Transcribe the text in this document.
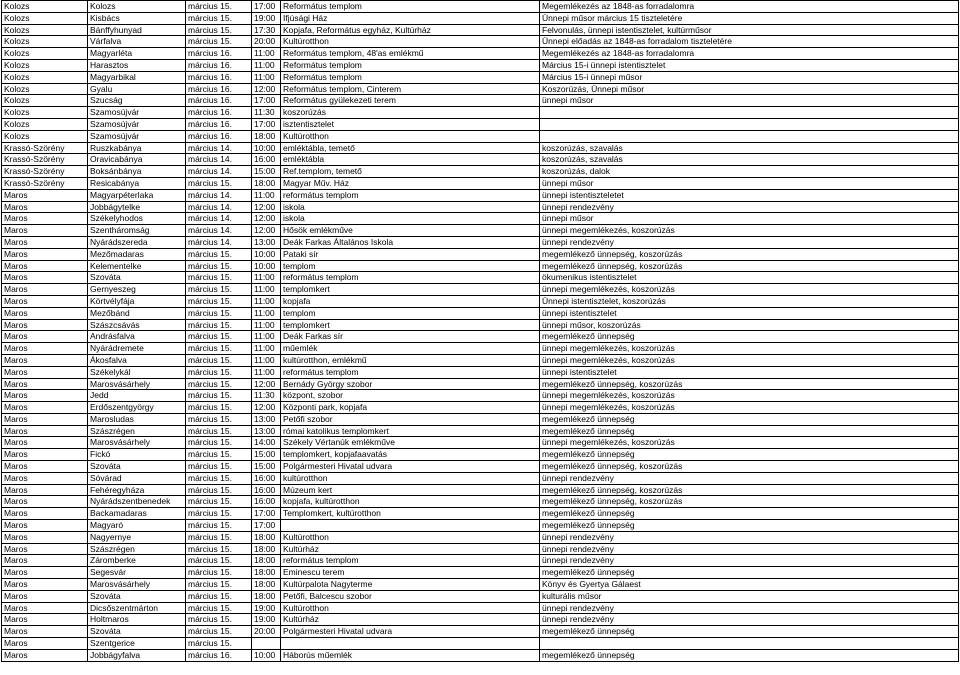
Kolozs	Kolozs	március 15.	17:00	Református templom	Megemlékezés az 1848-as forradalomra
Kolozs	Kisbács	március 15.	19:00	Ifjúsági Ház	Ünnepi műsor március 15 tiszteletére
Kolozs	Bánffyhunyad	március 15.	17:30	Kopjafa, Református egyház, Kultúrház	Felvonulás, ünnepi istentisztelet, kultúrműsor
Kolozs	Várfalva	március 15.	20:00	Kultúrotthon	Ünnepi előadás az 1848-as forradalom tiszteletére
Kolozs	Magyarléta	március 16.	11:00	Református templom, 48'as emlékmű	Megemlékezés az 1848-as forradalomra
Kolozs	Harasztos	március 16.	11:00	Református templom	Március 15-i ünnepi istentisztelet
Kolozs	Magyarbikal	március 16.	11:00	Református templom	Március 15-i ünnepi műsor
Kolozs	Gyalu	március 16.	12:00	Református templom, Cinterem	Koszorúzás, Ünnepi műsor
Kolozs	Szucság	március 16.	17:00	Református gyülekezeti terem	ünnepi műsor
Kolozs	Szamosújvár	március 16.	11:30	koszorúzás	
Kolozs	Szamosújvár	március 16.	17:00	isztentisztelet	
Kolozs	Szamosújvár	március 16.	18:00	Kultúrotthon	
Krassó-Szörény	Ruszkabánya	március 14.	10:00	emléktábla, temető	koszorúzás, szavalás
Krassó-Szörény	Oravicabánya	március 14.	16:00	emléktábla	koszorúzás, szavalás
Krassó-Szörény	Boksánbánya	március 14.	15:00	Ref.templom, temető	koszorúzás, dalok
Krassó-Szörény	Resicabánya	március 15.	18:00	Magyar Műv. Ház	ünnepi műsor
Maros	Magyarpéterlaka	március 14.	11:00	református templom	ünnepi istentiszteletet
Maros	Jobbágytelke	március 14.	12:00	iskola	ünnepi rendezvény
Maros	Székelyhodos	március 14.	12:00	iskola	ünnepi műsor
Maros	Szentháromság	március 14.	12:00	Hősök emlékműve	ünnepi megemlékezés, koszorúzás
Maros	Nyárádszereda	március 14.	13:00	Deák Farkas Általános Iskola	ünnepi rendezvény
Maros	Mezőmadaras	március 15.	10:00	Pataki sír	megemlékező ünnepség, koszorúzás
Maros	Kelementelke	március 15.	10:00	templom	megemlékező ünnepség, koszorúzás
Maros	Szováta	március 15.	11:00	református templom	ökumenikus istentisztelet
Maros	Gernyeszeg	március 15.	11:00	templomkert	ünnepi megemlékezés, koszorúzás
Maros	Körtvélyfája	március 15.	11:00	kopjafa	Ünnepi istentisztelet, koszorúzás
Maros	Mezőbánd	március 15.	11:00	templom	ünnepi istentisztelet
Maros	Szászcsávás	március 15.	11:00	templomkert	ünnepi műsor, koszorúzás
Maros	Andrásfalva	március 15.	11:00	Deák Farkas sír	megemlékező ünnepség
Maros	Nyárádremete	március 15.	11:00	műemlék	ünnepi megemlékezés, koszorúzás
Maros	Ákosfalva	március 15.	11:00	kultúrotthon, emlékmű	ünnepi megemlékezés, koszorúzás
Maros	Székelykál	március 15.	11:00	református templom	ünnepi istentisztelet
Maros	Marosvásárhely	március 15.	12:00	Bernády György szobor	megemlékező ünnepség, koszorúzás
Maros	Jedd	március 15.	11:30	központ, szobor	ünnepi megemlékezés, koszorúzás
Maros	Erdőszentgyörgy	március 15.	12:00	Központi park, kopjafa	ünnepi megemlékezés, koszorúzás
Maros	Marosludas	március 15.	13:00	Petőfi szobor	megemlékező ünnepség
Maros	Szászrégen	március 15.	13:00	római katolikus templomkert	megemlékező ünnepség
Maros	Marosvásárhely	március 15.	14:00	Székely Vértanúk emlékműve	ünnepi megemlékezés, koszorúzás
Maros	Fickó	március 15.	15:00	templomkert, kopjafaavatás	megemlékező ünnepség
Maros	Szováta	március 15.	15:00	Polgármesteri Hivatal udvara	megemlékező ünnepség, koszorúzás
Maros	Sóvárad	március 15.	16:00	kultúrotthon	ünnepi rendezvény
Maros	Fehéregyháza	március 15.	16:00	Múzeum kert	megemlékező ünnepség, koszorúzás
Maros	Nyárádszentbenedek	március 15.	16:00	kopjafa, kultúrotthon	megemlékező ünnepség, koszorúzás
Maros	Backamadaras	március 15.	17:00	Templomkert, kultúrotthon	megemlékező ünnepség
Maros	Magyaró	március 15.	17:00		megemlékező ünnepség
Maros	Nagyernye	március 15.	18:00	Kultúrotthon	ünnepi rendezvény
Maros	Szászrégen	március 15.	18:00	Kultúrház	ünnepi rendezvény
Maros	Záromberke	március 15.	18:00	református templom	ünnepi rendezvény
Maros	Segesvár	március 15.	18:00	Eminescu terem	megemlékező ünnepség
Maros	Marosvásárhely	március 15.	18:00	Kultúrpalota Nagyterme	Könyv és Gyertya Gálaest
Maros	Szováta	március 15.	18:00	Petőfi, Balcescu szobor	kulturális műsor
Maros	Dicsőszentmárton	március 15.	19:00	Kultúrotthon	ünnepi rendezvény
Maros	Holtmaros	március 15.	19:00	Kultúrház	ünnepi rendezvény
Maros	Szováta	március 15.	20:00	Polgármesteri Hivatal udvara	megemlékező ünnepség
Maros	Szentgerice	március 15.			
Maros	Jobbágyfalva	március 16.	10:00	Háborús műemlék	megemlékező ünnepség
